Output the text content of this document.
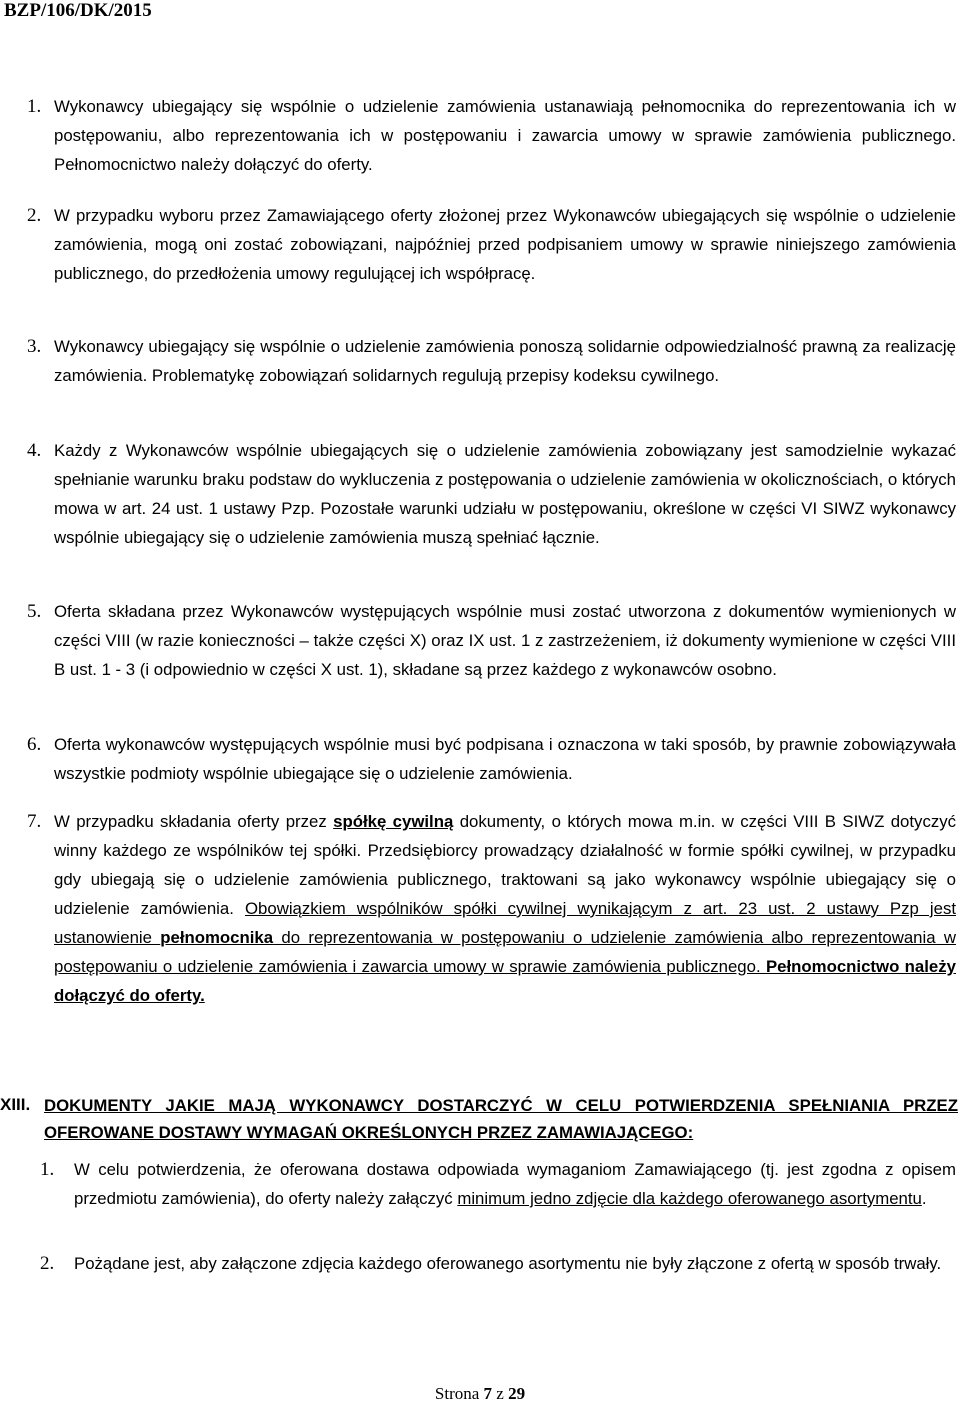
BZP/106/DK/2015
1. Wykonawcy ubiegający się wspólnie o udzielenie zamówienia ustanawiają pełnomocnika do reprezentowania ich w postępowaniu, albo reprezentowania ich w postępowaniu i zawarcia umowy w sprawie zamówienia publicznego. Pełnomocnictwo należy dołączyć do oferty.
2. W przypadku wyboru przez Zamawiającego oferty złożonej przez Wykonawców ubiegających się wspólnie o udzielenie zamówienia, mogą oni zostać zobowiązani, najpóźniej przed podpisaniem umowy w sprawie niniejszego zamówienia publicznego, do przedłożenia umowy regulującej ich współpracę.
3. Wykonawcy ubiegający się wspólnie o udzielenie zamówienia ponoszą solidarnie odpowiedzialność prawną za realizację zamówienia. Problematykę zobowiązań solidarnych regulują przepisy kodeksu cywilnego.
4. Każdy z Wykonawców wspólnie ubiegających się o udzielenie zamówienia zobowiązany jest samodzielnie wykazać spełnianie warunku braku podstaw do wykluczenia z postępowania o udzielenie zamówienia w okolicznościach, o których mowa w art. 24 ust. 1 ustawy Pzp. Pozostałe warunki udziału w postępowaniu, określone w części VI SIWZ wykonawcy wspólnie ubiegający się o udzielenie zamówienia muszą spełniać łącznie.
5. Oferta składana przez Wykonawców występujących wspólnie musi zostać utworzona z dokumentów wymienionych w części VIII (w razie konieczności – także części X) oraz IX ust. 1 z zastrzeżeniem, iż dokumenty wymienione w części VIII B ust. 1 - 3 (i odpowiednio w części X ust. 1), składane są przez każdego z wykonawców osobno.
6. Oferta wykonawców występujących wspólnie musi być podpisana i oznaczona w taki sposób, by prawnie zobowiązywała wszystkie podmioty wspólnie ubiegające się o udzielenie zamówienia.
7. W przypadku składania oferty przez spółkę cywilną dokumenty, o których mowa m.in. w części VIII B SIWZ dotyczyć winny każdego ze wspólników tej spółki. Przedsiębiorcy prowadzący działalność w formie spółki cywilnej, w przypadku gdy ubiegają się o udzielenie zamówienia publicznego, traktowani są jako wykonawcy wspólnie ubiegający się o udzielenie zamówienia. Obowiązkiem wspólników spółki cywilnej wynikającym z art. 23 ust. 2 ustawy Pzp jest ustanowienie pełnomocnika do reprezentowania w postępowaniu o udzielenie zamówienia albo reprezentowania w postępowaniu o udzielenie zamówienia i zawarcia umowy w sprawie zamówienia publicznego. Pełnomocnictwo należy dołączyć do oferty.
XIII. DOKUMENTY JAKIE MAJĄ WYKONAWCY DOSTARCZYĆ W CELU POTWIERDZENIA SPEŁNIANIA PRZEZ OFEROWANE DOSTAWY WYMAGAŃ OKREŚLONYCH PRZEZ ZAMAWIAJĄCEGO:
1. W celu potwierdzenia, że oferowana dostawa odpowiada wymaganiom Zamawiającego (tj. jest zgodna z opisem przedmiotu zamówienia), do oferty należy załączyć minimum jedno zdjęcie dla każdego oferowanego asortymentu.
2. Pożądane jest, aby załączone zdjęcia każdego oferowanego asortymentu nie były złączone z ofertą w sposób trwały.
Strona 7 z 29
